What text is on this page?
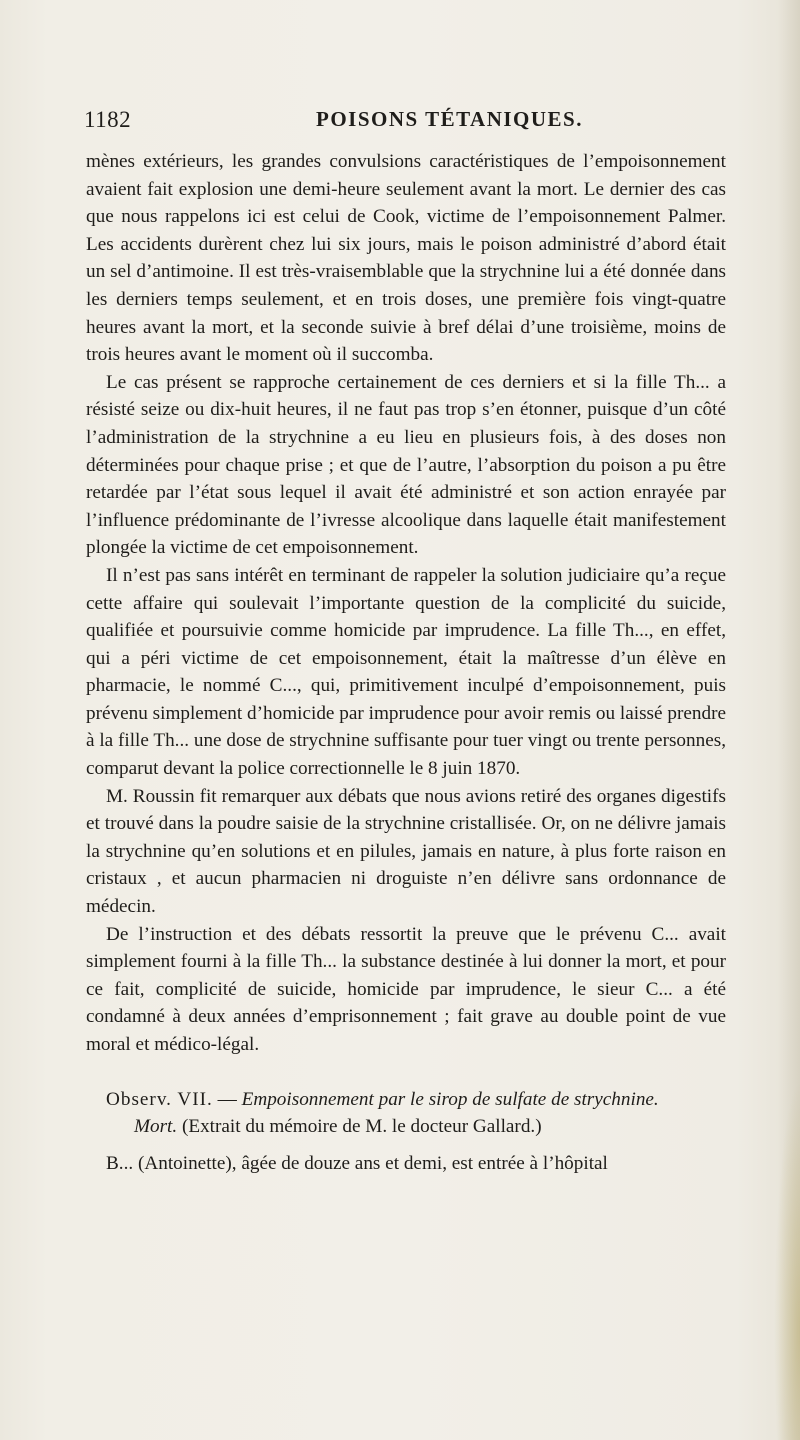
1182	POISONS TÉTANIQUES.

mènes extérieurs, les grandes convulsions caractéristiques de l’empoisonnement avaient fait explosion une demi-heure seulement avant la mort. Le dernier des cas que nous rappelons ici est celui de Cook, victime de l’empoisonnement Palmer. Les accidents durèrent chez lui six jours, mais le poison administré d’abord était un sel d’antimoine. Il est très-vraisemblable que la strychnine lui a été donnée dans les derniers temps seulement, et en trois doses, une première fois vingt-quatre heures avant la mort, et la seconde suivie à bref délai d’une troisième, moins de trois heures avant le moment où il succomba.

Le cas présent se rapproche certainement de ces derniers et si la fille Th... a résisté seize ou dix-huit heures, il ne faut pas trop s’en étonner, puisque d’un côté l’administration de la strychnine a eu lieu en plusieurs fois, à des doses non déterminées pour chaque prise ; et que de l’autre, l’absorption du poison a pu être retardée par l’état sous lequel il avait été administré et son action enrayée par l’influence prédominante de l’ivresse alcoolique dans laquelle était manifestement plongée la victime de cet empoisonnement.

Il n’est pas sans intérêt en terminant de rappeler la solution judiciaire qu’a reçue cette affaire qui soulevait l’importante question de la complicité du suicide, qualifiée et poursuivie comme homicide par imprudence. La fille Th..., en effet, qui a péri victime de cet empoisonnement, était la maîtresse d’un élève en pharmacie, le nommé C..., qui, primitivement inculpé d’empoisonnement, puis prévenu simplement d’homicide par imprudence pour avoir remis ou laissé prendre à la fille Th... une dose de strychnine suffisante pour tuer vingt ou trente personnes, comparut devant la police correctionnelle le 8 juin 1870.

M. Roussin fit remarquer aux débats que nous avions retiré des organes digestifs et trouvé dans la poudre saisie de la strychnine cristallisée. Or, on ne délivre jamais la strychnine qu’en solutions et en pilules, jamais en nature, à plus forte raison en cristaux , et aucun pharmacien ni droguiste n’en délivre sans ordonnance de médecin.

De l’instruction et des débats ressortit la preuve que le prévenu C... avait simplement fourni à la fille Th... la substance destinée à lui donner la mort, et pour ce fait, complicité de suicide, homicide par imprudence, le sieur C... a été condamné à deux années d’emprisonnement ; fait grave au double point de vue moral et médico-légal.

Observ. VII. — Empoisonnement par le sirop de sulfate de strychnine.

Mort. (Extrait du mémoire de M. le docteur Gallard.)

B... (Antoinette), âgée de douze ans et demi, est entrée à l’hôpital
